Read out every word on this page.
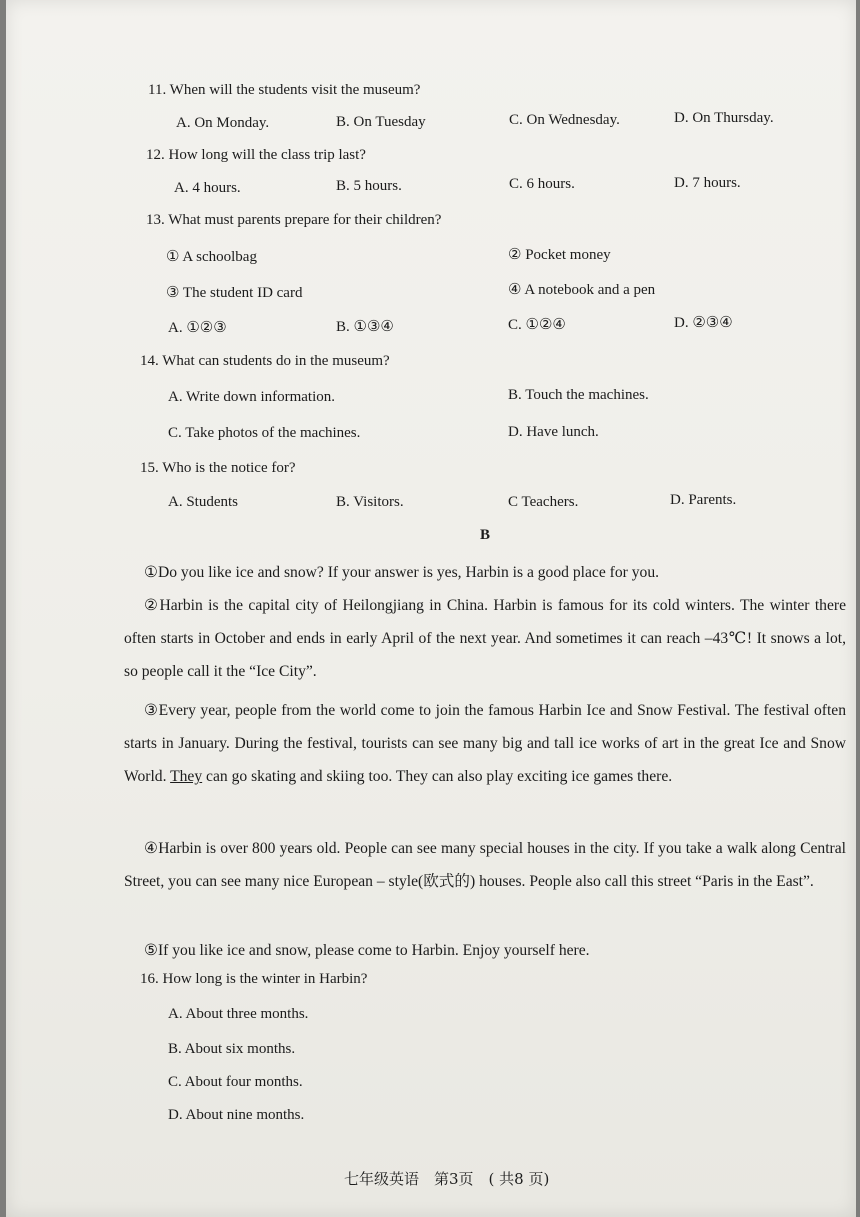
11. When will the students visit the museum?
A. On Monday.	B. On Tuesday	C. On Wednesday.	D. On Thursday.
12. How long will the class trip last?
A. 4 hours.	B. 5 hours.	C. 6 hours.	D. 7 hours.
13. What must parents prepare for their children?
① A schoolbag	② Pocket money
③ The student ID card	④ A notebook and a pen
A. ①②③	B. ①③④	C. ①②④	D. ②③④
14. What can students do in the museum?
A. Write down information.	B. Touch the machines.
C. Take photos of the machines.	D. Have lunch.
15. Who is the notice for?
A. Students	B. Visitors.	C Teachers.	D. Parents.
B
①Do you like ice and snow? If your answer is yes, Harbin is a good place for you.
②Harbin is the capital city of Heilongjiang in China. Harbin is famous for its cold winters. The winter there often starts in October and ends in early April of the next year. And sometimes it can reach –43℃! It snows a lot, so people call it the “Ice City”.
③Every year, people from the world come to join the famous Harbin Ice and Snow Festival. The festival often starts in January. During the festival, tourists can see many big and tall ice works of art in the great Ice and Snow World. They can go skating and skiing too. They can also play exciting ice games there.
④Harbin is over 800 years old. People can see many special houses in the city. If you take a walk along Central Street, you can see many nice European – style(欧式的) houses. People also call this street “Paris in the East”.
⑤If you like ice and snow, please come to Harbin. Enjoy yourself here.
16. How long is the winter in Harbin?
A. About three months.
B. About six months.
C. About four months.
D. About nine months.
七年级英语　第3页　( 共8 页)
